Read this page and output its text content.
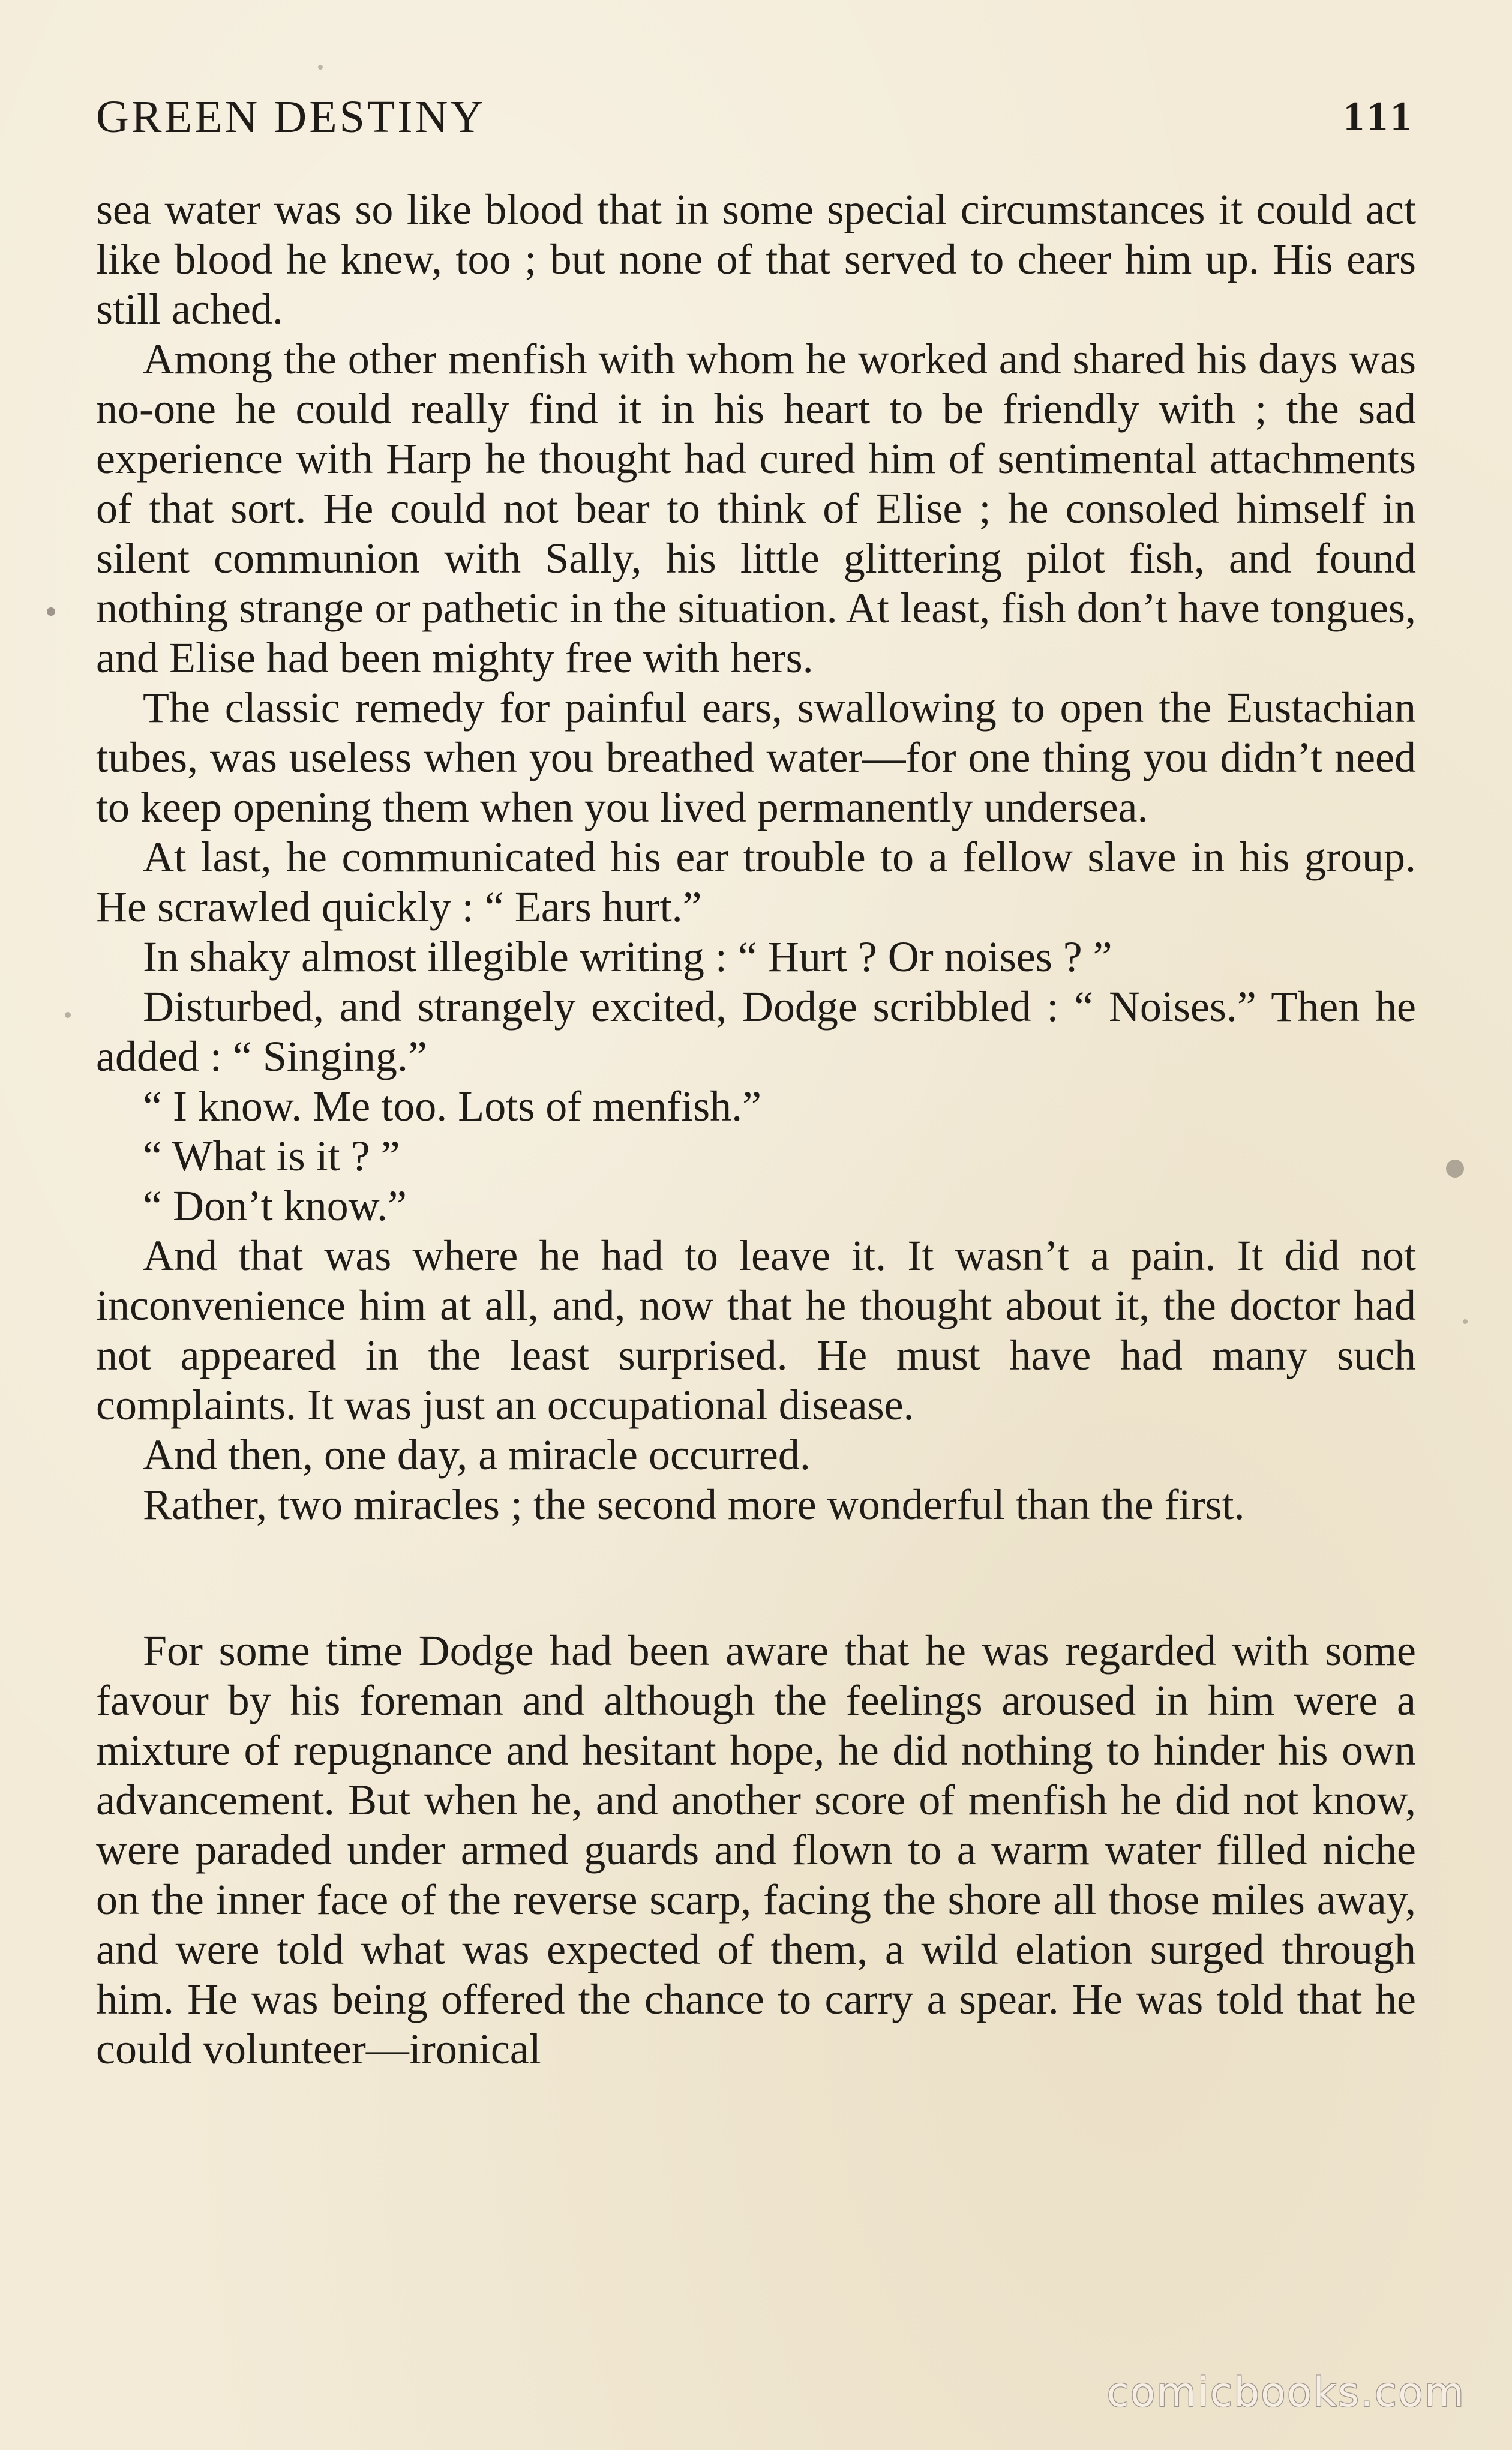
GREEN DESTINY	111

sea water was so like blood that in some special circumstances it could act like blood he knew, too ; but none of that served to cheer him up. His ears still ached.

Among the other menfish with whom he worked and shared his days was no-one he could really find it in his heart to be friendly with ; the sad experience with Harp he thought had cured him of sentimental attachments of that sort. He could not bear to think of Elise ; he consoled himself in silent communion with Sally, his little glittering pilot fish, and found nothing strange or pathetic in the situation. At least, fish don’t have tongues, and Elise had been mighty free with hers.

The classic remedy for painful ears, swallowing to open the Eustachian tubes, was useless when you breathed water—for one thing you didn’t need to keep opening them when you lived permanently undersea.

At last, he communicated his ear trouble to a fellow slave in his group. He scrawled quickly : “ Ears hurt.”

In shaky almost illegible writing : “ Hurt ? Or noises ? ”

Disturbed, and strangely excited, Dodge scribbled : “ Noises.” Then he added : “ Singing.”

“ I know. Me too. Lots of menfish.”

“ What is it ? ”

“ Don’t know.”

And that was where he had to leave it. It wasn’t a pain. It did not inconvenience him at all, and, now that he thought about it, the doctor had not appeared in the least surprised. He must have had many such complaints. It was just an occupational disease.

And then, one day, a miracle occurred.

Rather, two miracles ; the second more wonderful than the first.

For some time Dodge had been aware that he was regarded with some favour by his foreman and although the feelings aroused in him were a mixture of repugnance and hesitant hope, he did nothing to hinder his own advancement. But when he, and another score of menfish he did not know, were paraded under armed guards and flown to a warm water filled niche on the inner face of the reverse scarp, facing the shore all those miles away, and were told what was expected of them, a wild elation surged through him. He was being offered the chance to carry a spear. He was told that he could volunteer—ironical

comicbooks.com
